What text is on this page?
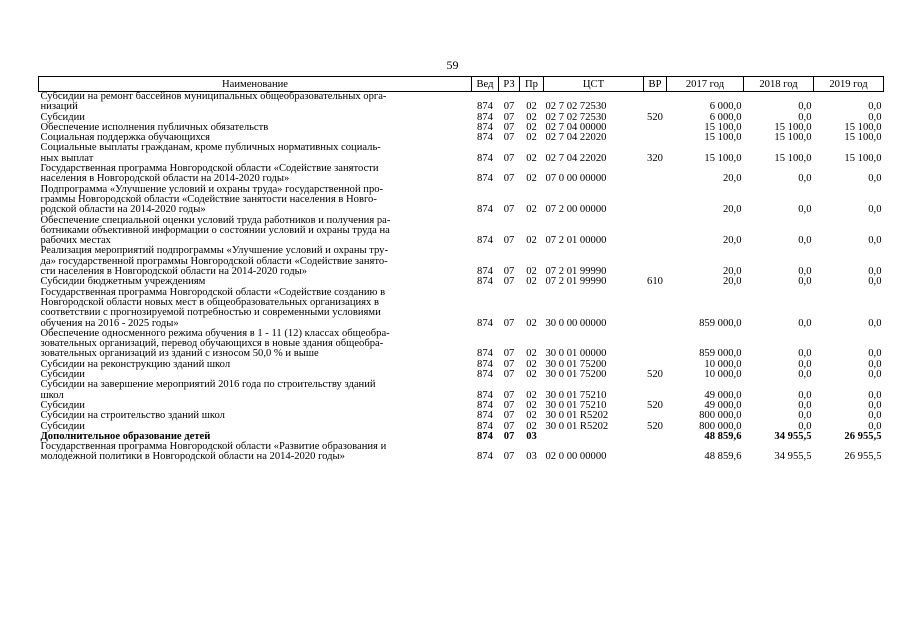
59
Наименование	Вед	РЗ	Пр	ЦСТ	ВР	2017 год	2018 год	2019 год

Субсидии на ремонт бассейнов муниципальных общеобразовательных орга-
низаций	874	07	02	02 7 02 72530		6 000,0	0,0	0,0

Субсидии	874	07	02	02 7 02 72530	520	6 000,0	0,0	0,0

Обеспечение исполнения публичных обязательств	874	07	02	02 7 04 00000		15 100,0	15 100,0	15 100,0

Социальная поддержка обучающихся	874	07	02	02 7 04 22020		15 100,0	15 100,0	15 100,0

Социальные выплаты гражданам, кроме публичных нормативных социаль-
ных выплат	874	07	02	02 7 04 22020	320	15 100,0	15 100,0	15 100,0

Государственная программа Новгородской области «Содействие занятости
населения в Новгородской области на 2014-2020 годы»	874	07	02	07 0 00 00000		20,0	0,0	0,0

Подпрограмма «Улучшение условий и охраны труда» государственной про-
граммы Новгородской области «Содействие занятости населения в Новго-
родской области на 2014-2020 годы»	874	07	02	07 2 00 00000		20,0	0,0	0,0

Обеспечение специальной оценки условий труда работников и получения ра-
ботниками объективной информации о состоянии условий и охраны труда на
рабочих местах	874	07	02	07 2 01 00000		20,0	0,0	0,0

Реализация мероприятий подпрограммы «Улучшение условий и охраны тру-
да» государственной программы Новгородской области «Содействие занято-
сти населения в Новгородской области на 2014-2020 годы»	874	07	02	07 2 01 99990		20,0	0,0	0,0

Субсидии бюджетным учреждениям	874	07	02	07 2 01 99990	610	20,0	0,0	0,0

Государственная программа Новгородской области «Содействие созданию в
Новгородской области новых мест в общеобразовательных организациях в
соответствии с прогнозируемой потребностью и современными условиями
обучения на 2016 - 2025 годы»	874	07	02	30 0 00 00000		859 000,0	0,0	0,0

Обеспечение односменного режима обучения в 1 - 11 (12) классах общеобра-
зовательных организаций, перевод обучающихся в новые здания общеобра-
зовательных организаций из зданий с износом 50,0 % и выше	874	07	02	30 0 01 00000		859 000,0	0,0	0,0

Субсидии на реконструкцию зданий школ	874	07	02	30 0 01 75200		10 000,0	0,0	0,0

Субсидии	874	07	02	30 0 01 75200	520	10 000,0	0,0	0,0

Субсидии на завершение мероприятий 2016 года по строительству зданий
школ	874	07	02	30 0 01 75210		49 000,0	0,0	0,0

Субсидии	874	07	02	30 0 01 75210	520	49 000,0	0,0	0,0

Субсидии на строительство зданий школ	874	07	02	30 0 01 R5202		800 000,0	0,0	0,0

Субсидии	874	07	02	30 0 01 R5202	520	800 000,0	0,0	0,0

Дополнительное образование детей	874	07	03			48 859,6	34 955,5	26 955,5

Государственная программа Новгородской области «Развитие образования и
молодежной политики в Новгородской области на 2014-2020 годы»	874	07	03	02 0 00 00000		48 859,6	34 955,5	26 955,5
